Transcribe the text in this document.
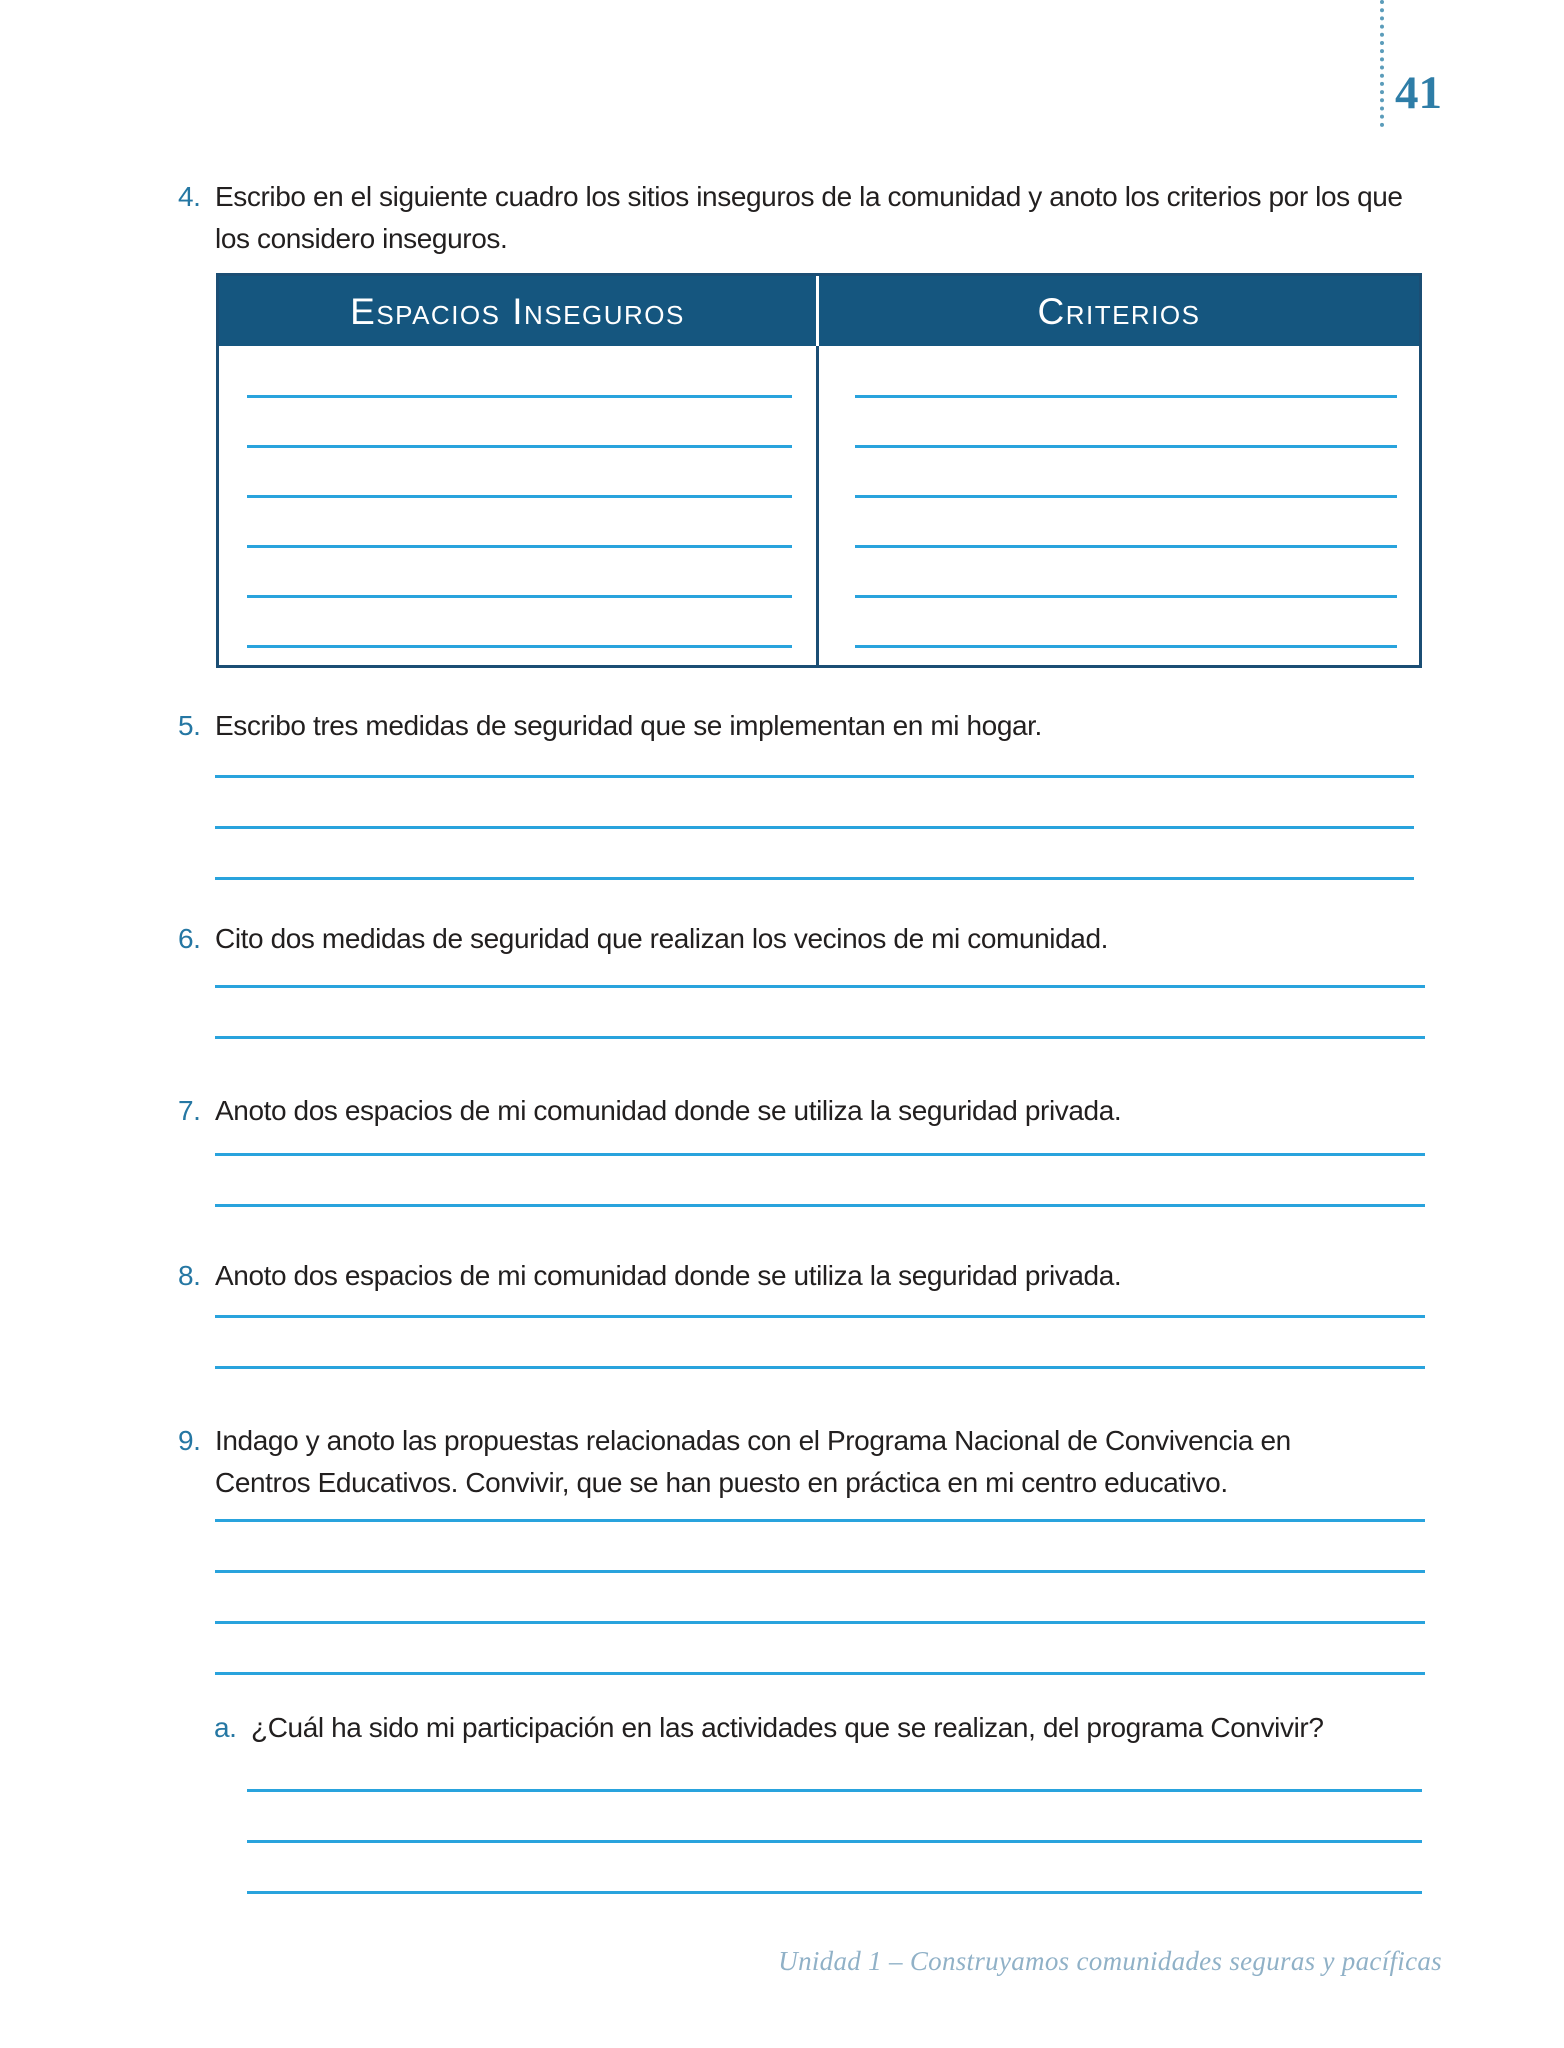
41
4. Escribo en el siguiente cuadro los sitios inseguros de la comunidad y anoto los criterios por los que los considero inseguros.
Espacios Inseguros	Criterios
5. Escribo tres medidas de seguridad que se implementan en mi hogar.
6. Cito dos medidas de seguridad que realizan los vecinos de mi comunidad.
7. Anoto dos espacios de mi comunidad donde se utiliza la seguridad privada.
8. Anoto dos espacios de mi comunidad donde se utiliza la seguridad privada.
9. Indago y anoto las propuestas relacionadas con el Programa Nacional de Convivencia en Centros Educativos. Convivir, que se han puesto en práctica en mi centro educativo.
a. ¿Cuál ha sido mi participación en las actividades que se realizan, del programa Convivir?
Unidad 1 – Construyamos comunidades seguras y pacíficas
